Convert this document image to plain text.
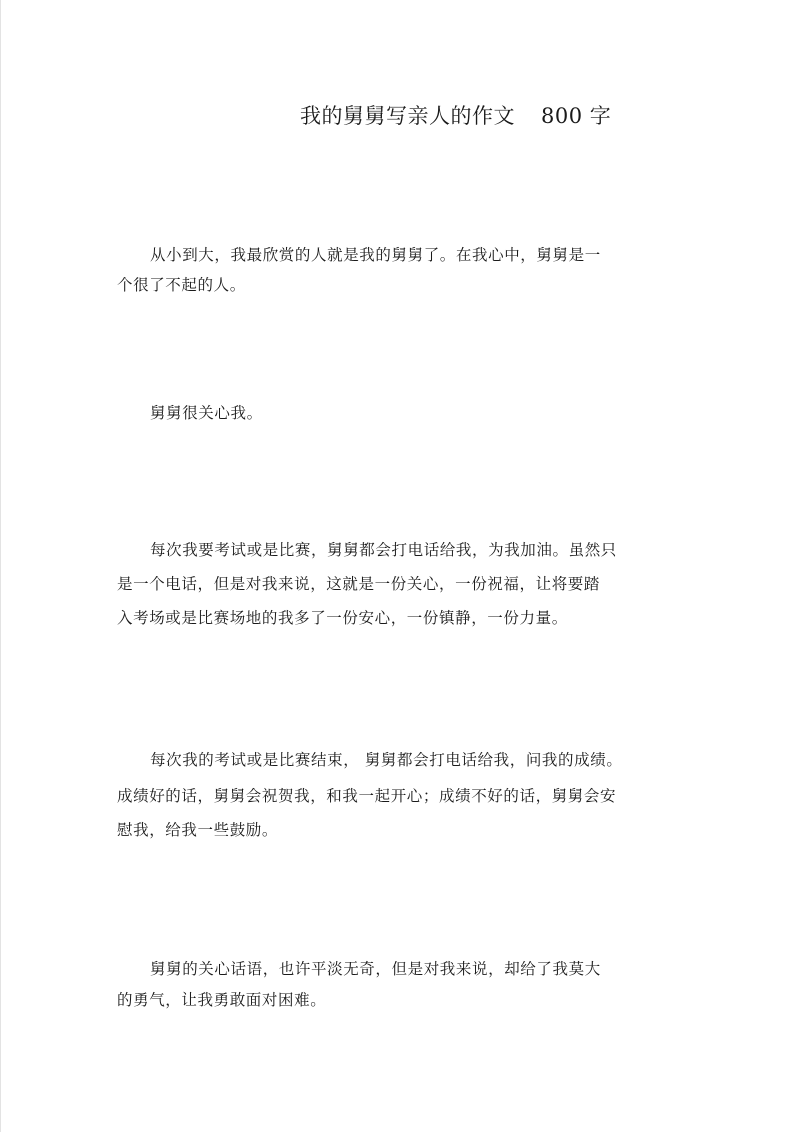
我的舅舅写亲人的作文 800 字
从小到大，我最欣赏的人就是我的舅舅了。在我心中，舅舅是一
个很了不起的人。
舅舅很关心我。
每次我要考试或是比赛，舅舅都会打电话给我，为我加油。虽然只
是一个电话，但是对我来说，这就是一份关心，一份祝福，让将要踏
入考场或是比赛场地的我多了一份安心，一份镇静，一份力量。
每次我的考试或是比赛结束， 舅舅都会打电话给我，问我的成绩。
成绩好的话，舅舅会祝贺我，和我一起开心；成绩不好的话，舅舅会安
慰我，给我一些鼓励。
舅舅的关心话语，也许平淡无奇，但是对我来说，却给了我莫大
的勇气，让我勇敢面对困难。
